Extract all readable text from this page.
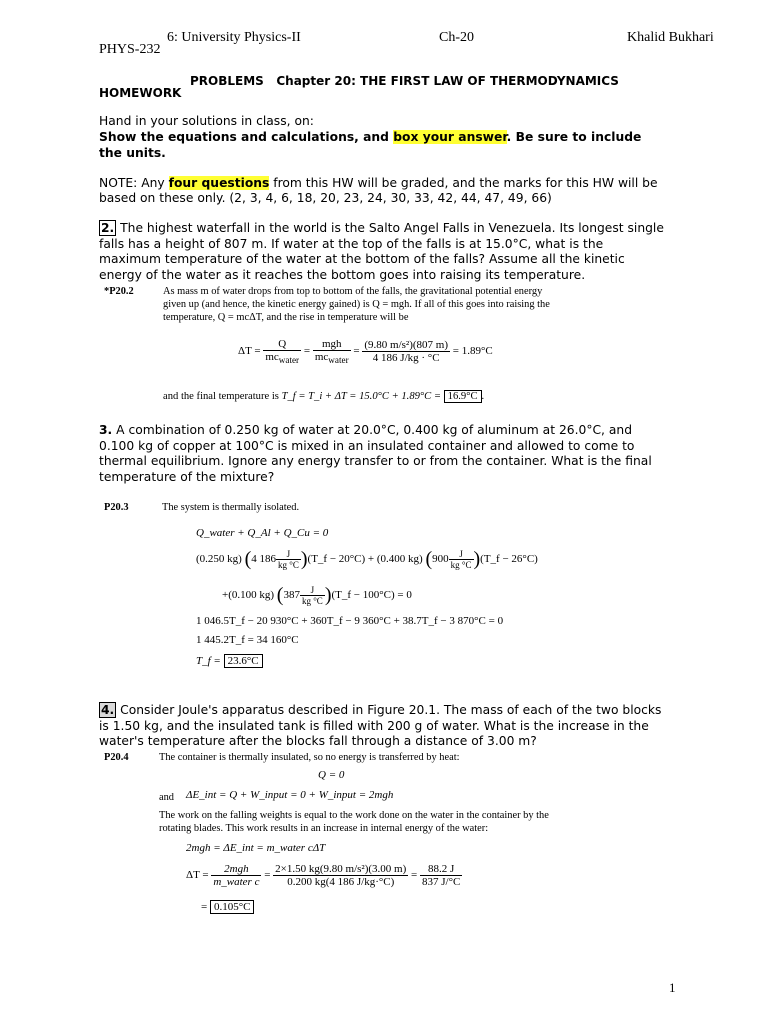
6: University Physics-II
PHYS-232
Ch-20	Khalid Bukhari
PROBLEMS Chapter 20: THE FIRST LAW OF THERMODYNAMICS
HOMEWORK
Hand in your solutions in class, on:
Show the equations and calculations, and box your answer. Be sure to include
the units.
NOTE: Any four questions from this HW will be graded, and the marks for this HW will be
based on these only. (2, 3, 4, 6, 18, 20, 23, 24, 30, 33, 42, 44, 47, 49, 66)
2. The highest waterfall in the world is the Salto Angel Falls in Venezuela. Its longest single
falls has a height of 807 m. If water at the top of the falls is at 15.0°C, what is the
maximum temperature of the water at the bottom of the falls? Assume all the kinetic
energy of the water as it reaches the bottom goes into raising its temperature.
*P20.2	As mass m of water drops from top to bottom of the falls, the gravitational potential energy
given up (and hence, the kinetic energy gained) is Q = mgh. If all of this goes into raising the
temperature, Q = mcΔT, and the rise in temperature will be
$\Delta T = \frac{Q}{mc_{water}} = \frac{\text{mgh}}{mc_{water}} = \frac{\text{(9.80 m/s²)(807 m)}}{4 186 J/kg \cdot ^\circ C} = 1.89^\circ C$
and the final temperature is T_f = T_i + ΔT = 15.0°C + 1.89°C = 16.9°C .
3. A combination of 0.250 kg of water at 20.0°C, 0.400 kg of aluminum at 26.0°C, and
0.100 kg of copper at 100°C is mixed in an insulated container and allowed to come to
thermal equilibrium. Ignore any energy transfer to or from the container. What is the final
temperature of the mixture?
P20.3	The system is thermally isolated.
Q_water + Q_Al + Q_Cu = 0
(0.250 kg) (4 $186 \frac{J}{kg ^\circ C}$ )(T_f − 20°C) + (0.400 kg) ($900 \frac{J}{kg ^\circ C}$ )(T_f − 26°C)
+(0.100 kg) ($387 \frac{J}{kg ^\circ C}$ )(T_f − 100°C) = 0
1 046.5T_f − 20 930°C + 360T_f − 9 360°C + 38.7T_f − 3 870°C = 0
1 445.2T_f = 34 160°C
T_f = 23.6°C
4. Consider Joule's apparatus described in Figure 20.1. The mass of each of the two blocks
is 1.50 kg, and the insulated tank is filled with 200 g of water. What is the increase in the
water's temperature after the blocks fall through a distance of 3.00 m?
P20.4	The container is thermally insulated, so no energy is transferred by heat:
Q = 0
and ΔE_int = Q + W_input = 0 + W_input = 2mgh
The work on the falling weights is equal to the work done on the water in the container by the
rotating blades. This work results in an increase in internal energy of the water:
2mgh = ΔE_int = m_water cΔT
$\Delta T = \frac{\text{2mgh}}{\text{m\_water c}} = \frac{\text{2×1.50 kg(9.80 m/s²)(3.00 m)}}{0.200 kg(4 186 J/kg\cdot^\circ C)} = \frac{88.2 J}{837 J/^\circ C}$
= 0.105°C
1
